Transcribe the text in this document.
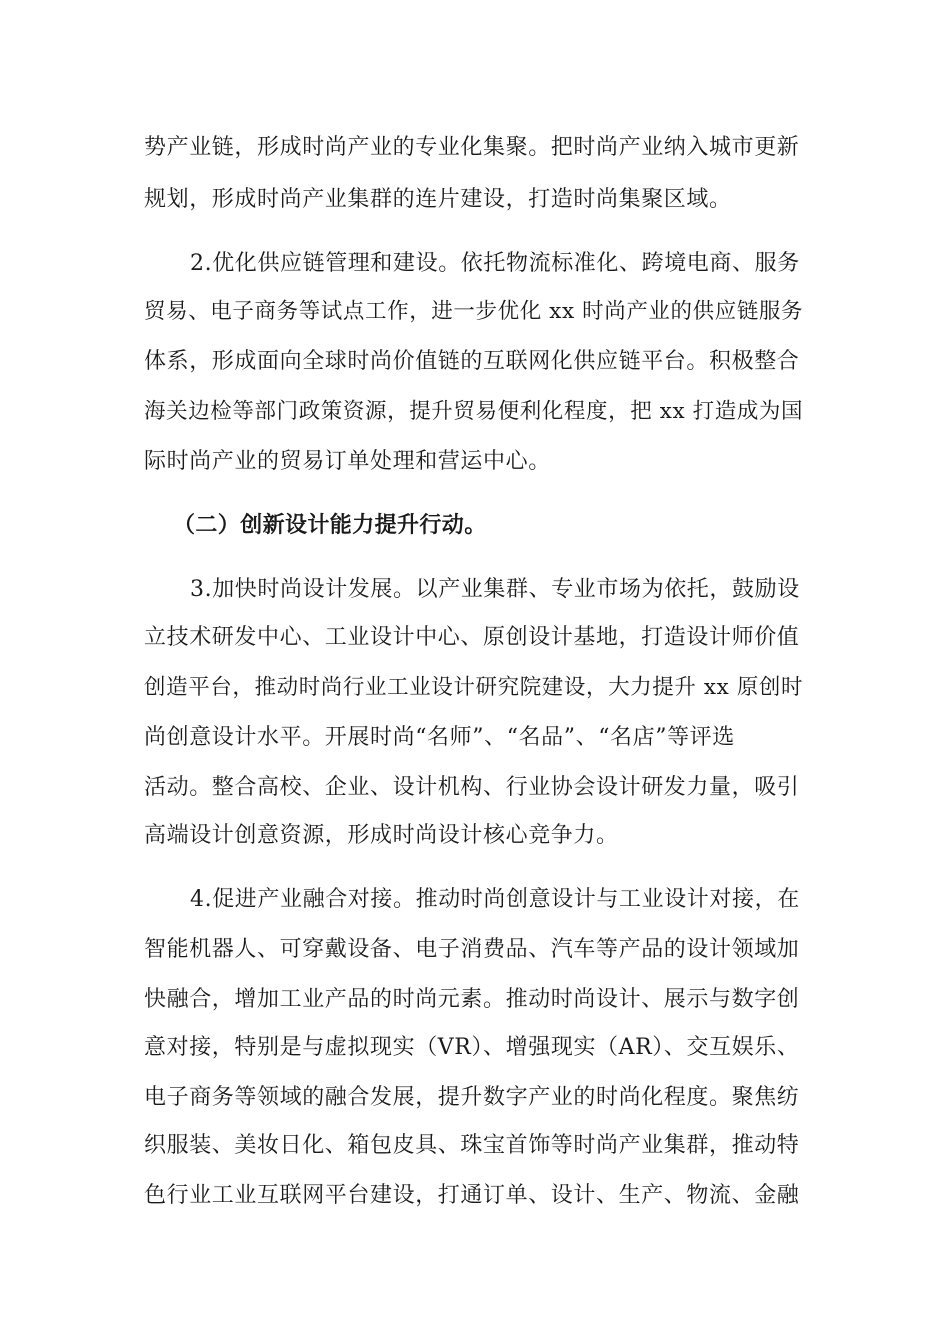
势产业链，形成时尚产业的专业化集聚。把时尚产业纳入城市更新
规划，形成时尚产业集群的连片建设，打造时尚集聚区域。
2.优化供应链管理和建设。依托物流标准化、跨境电商、服务
贸易、电子商务等试点工作，进一步优化 xx 时尚产业的供应链服务
体系，形成面向全球时尚价值链的互联网化供应链平台。积极整合
海关边检等部门政策资源，提升贸易便利化程度，把 xx 打造成为国
际时尚产业的贸易订单处理和营运中心。
（二）创新设计能力提升行动。
3.加快时尚设计发展。以产业集群、专业市场为依托，鼓励设
立技术研发中心、工业设计中心、原创设计基地，打造设计师价值
创造平台，推动时尚行业工业设计研究院建设，大力提升 xx 原创时
尚创意设计水平。开展时尚“名师”、“名品”、“名店”等评选
活动。整合高校、企业、设计机构、行业协会设计研发力量，吸引
高端设计创意资源，形成时尚设计核心竞争力。
4.促进产业融合对接。推动时尚创意设计与工业设计对接，在
智能机器人、可穿戴设备、电子消费品、汽车等产品的设计领域加
快融合，增加工业产品的时尚元素。推动时尚设计、展示与数字创
意对接，特别是与虚拟现实（VR）、增强现实（AR）、交互娱乐、
电子商务等领域的融合发展，提升数字产业的时尚化程度。聚焦纺
织服装、美妆日化、箱包皮具、珠宝首饰等时尚产业集群，推动特
色行业工业互联网平台建设，打通订单、设计、生产、物流、金融
